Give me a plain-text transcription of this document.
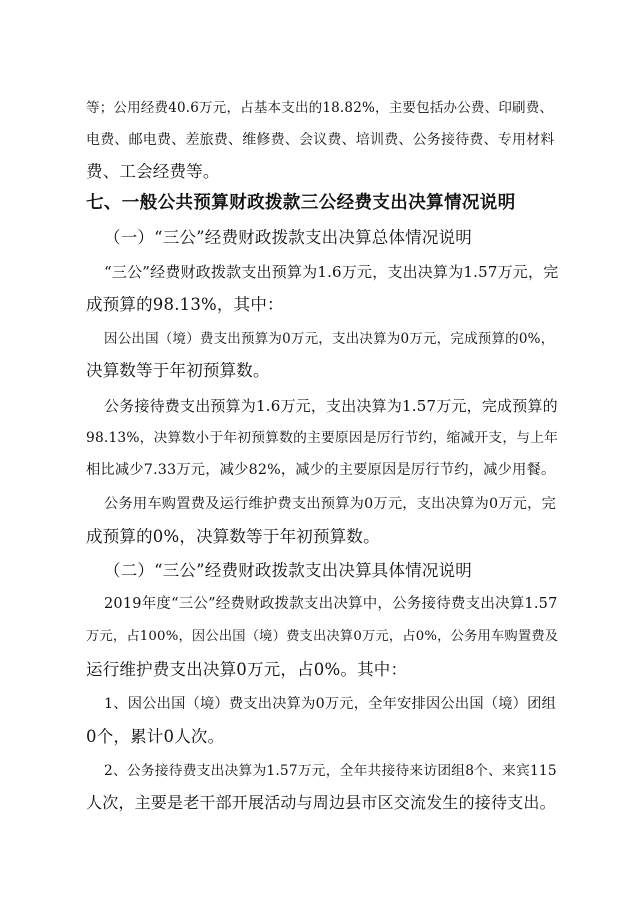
等；公用经费40.6万元，占基本支出的18.82%，主要包括办公费、印刷费、
电费、邮电费、差旅费、维修费、会议费、培训费、公务接待费、专用材料
费、工会经费等。
七、一般公共预算财政拨款三公经费支出决算情况说明
（一）“三公”经费财政拨款支出决算总体情况说明
“三公”经费财政拨款支出预算为1.6万元，支出决算为1.57万元，完
成预算的98.13%，其中：
因公出国（境）费支出预算为0万元，支出决算为0万元，完成预算的0%，
决算数等于年初预算数。
公务接待费支出预算为1.6万元，支出决算为1.57万元，完成预算的
98.13%，决算数小于年初预算数的主要原因是厉行节约，缩减开支，与上年
相比减少7.33万元，减少82%，减少的主要原因是厉行节约，减少用餐。
公务用车购置费及运行维护费支出预算为0万元，支出决算为0万元，完
成预算的0%，决算数等于年初预算数。
（二）“三公”经费财政拨款支出决算具体情况说明
2019年度“三公”经费财政拨款支出决算中，公务接待费支出决算1.57
万元，占100%，因公出国（境）费支出决算0万元，占0%，公务用车购置费及
运行维护费支出决算0万元，占0%。其中：
1、因公出国（境）费支出决算为0万元，全年安排因公出国（境）团组
0个，累计0人次。
2、公务接待费支出决算为1.57万元，全年共接待来访团组8个、来宾115
人次，主要是老干部开展活动与周边县市区交流发生的接待支出。
